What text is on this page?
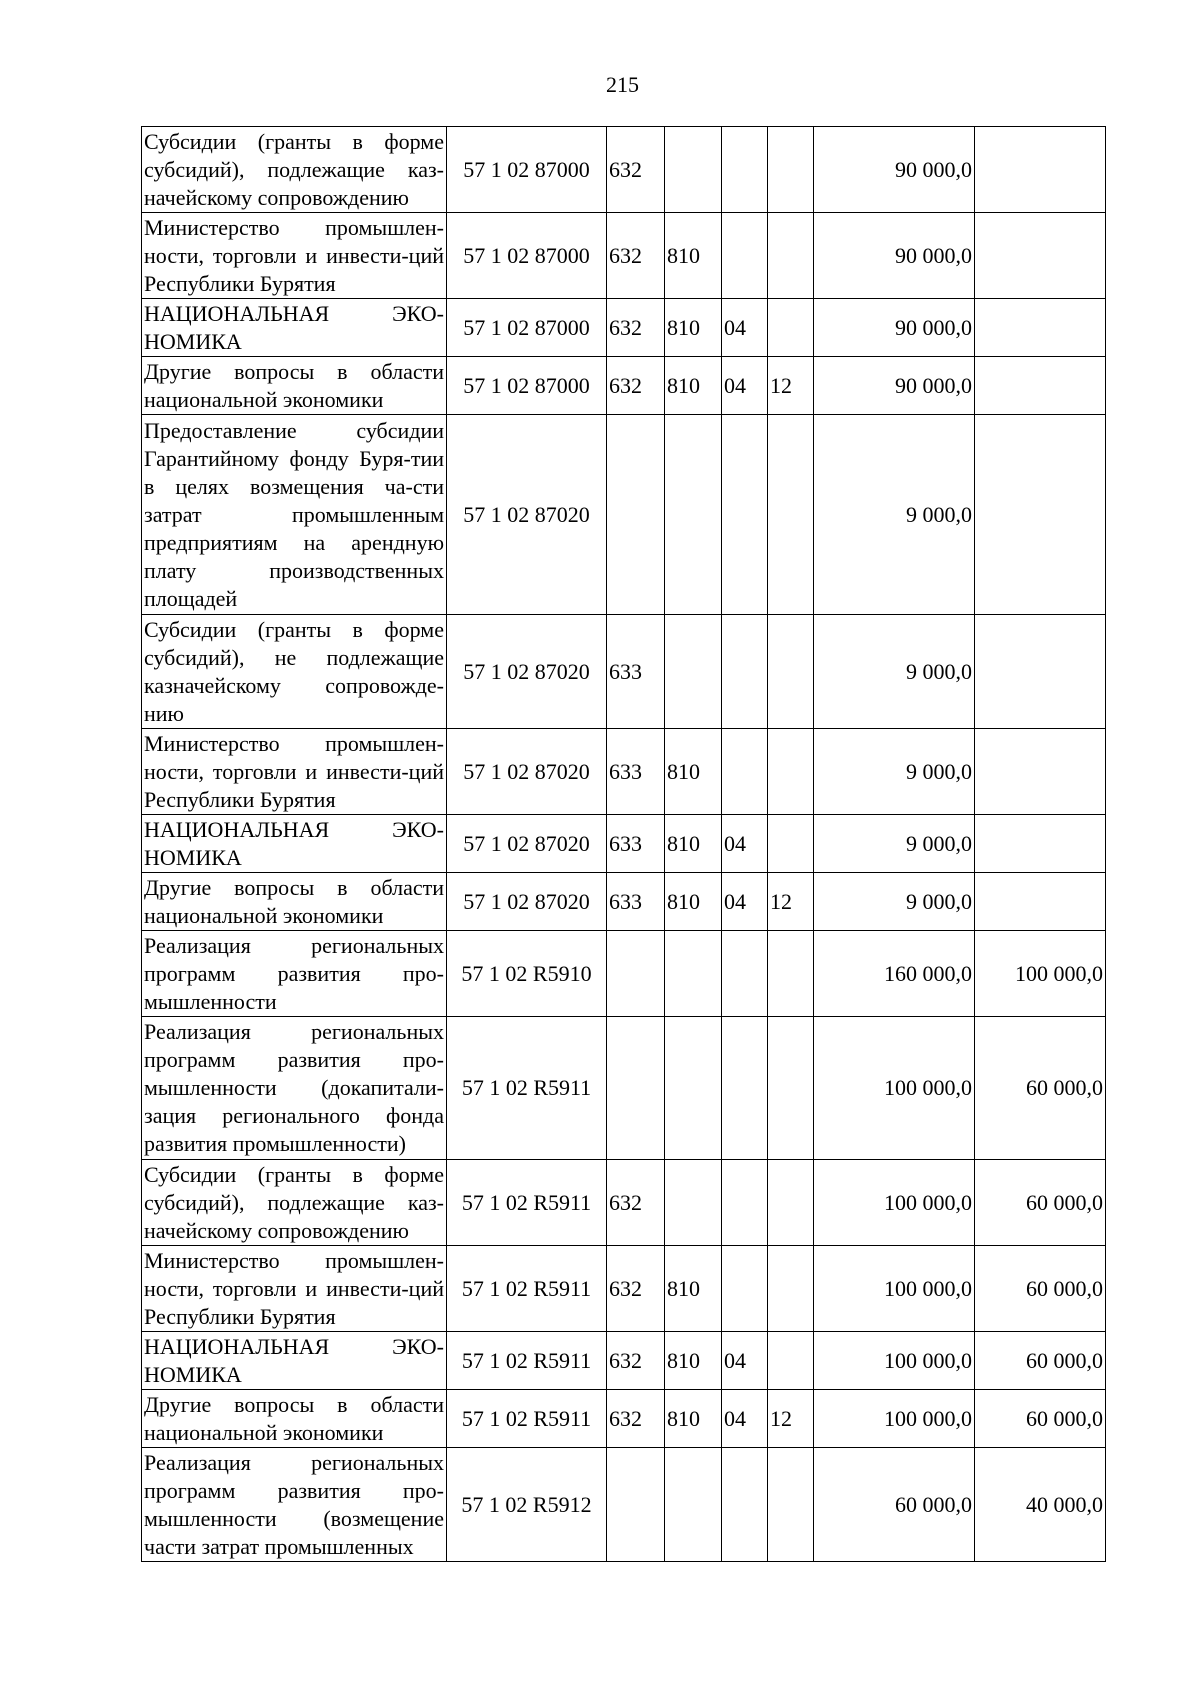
215
Субсидии (гранты в форме субсидий), подлежащие каз-начейскому сопровождению	57 1 02 87000	632				90 000,0	
Министерство промышлен-ности, торговли и инвести-ций Республики Бурятия	57 1 02 87000	632	810			90 000,0	
НАЦИОНАЛЬНАЯ ЭКО-НОМИКА	57 1 02 87000	632	810	04		90 000,0	
Другие вопросы в области национальной экономики	57 1 02 87000	632	810	04	12	90 000,0	
Предоставление субсидии Гарантийному фонду Буря-тии в целях возмещения ча-сти затрат промышленным предприятиям на арендную плату производственных площадей	57 1 02 87020					9 000,0	
Субсидии (гранты в форме субсидий), не подлежащие казначейскому сопровожде-нию	57 1 02 87020	633				9 000,0	
Министерство промышлен-ности, торговли и инвести-ций Республики Бурятия	57 1 02 87020	633	810			9 000,0	
НАЦИОНАЛЬНАЯ ЭКО-НОМИКА	57 1 02 87020	633	810	04		9 000,0	
Другие вопросы в области национальной экономики	57 1 02 87020	633	810	04	12	9 000,0	
Реализация региональных программ развития про-мышленности	57 1 02 R5910					160 000,0	100 000,0
Реализация региональных программ развития про-мышленности (докапитали-зация регионального фонда развития промышленности)	57 1 02 R5911					100 000,0	60 000,0
Субсидии (гранты в форме субсидий), подлежащие каз-начейскому сопровождению	57 1 02 R5911	632				100 000,0	60 000,0
Министерство промышлен-ности, торговли и инвести-ций Республики Бурятия	57 1 02 R5911	632	810			100 000,0	60 000,0
НАЦИОНАЛЬНАЯ ЭКО-НОМИКА	57 1 02 R5911	632	810	04		100 000,0	60 000,0
Другие вопросы в области национальной экономики	57 1 02 R5911	632	810	04	12	100 000,0	60 000,0
Реализация региональных программ развития про-мышленности (возмещение части затрат промышленных	57 1 02 R5912					60 000,0	40 000,0
